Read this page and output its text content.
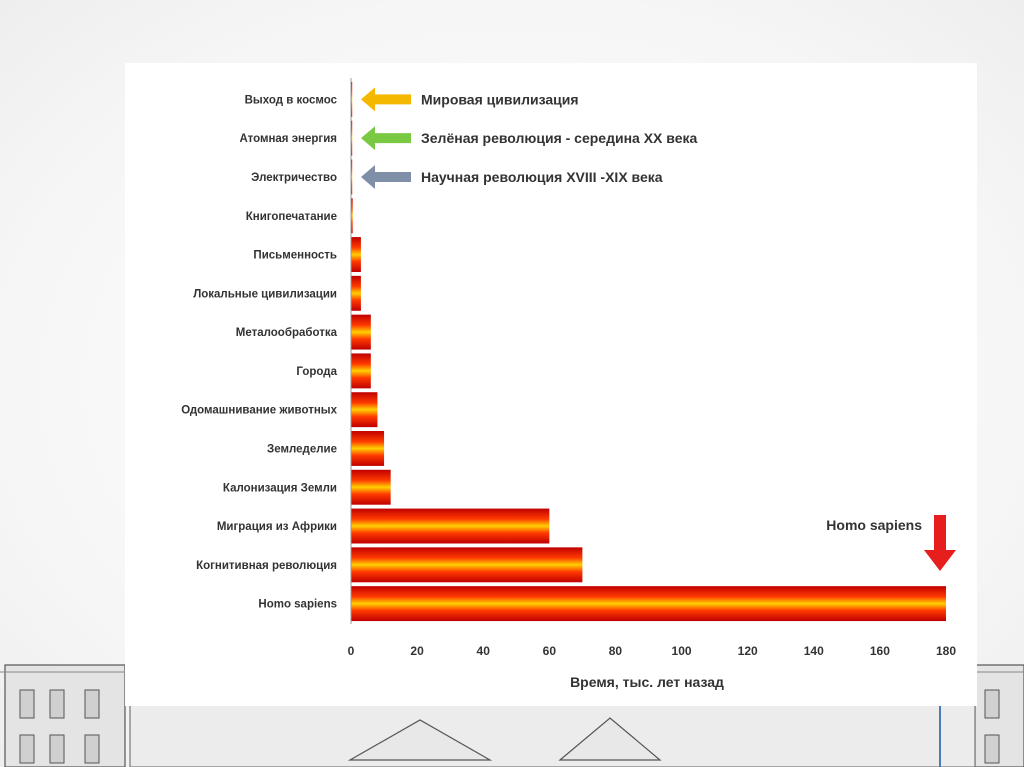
Выход в космос
Атомная энергия
Электричество
Книгопечатание
Письменность
Локальные цивилизации
Металообработка
Города
Одомашнивание животных
Земледелие
Калонизация Земли
Миграция из Африки
Когнитивная революция
Homo sapiens
0	20	40	60	80	100	120	140	160	180
Время, тыс. лет назад
Мировая цивилизация
Зелёная революция - середина XX века
Научная революция XVIII -XIX века
Homo sapiens
